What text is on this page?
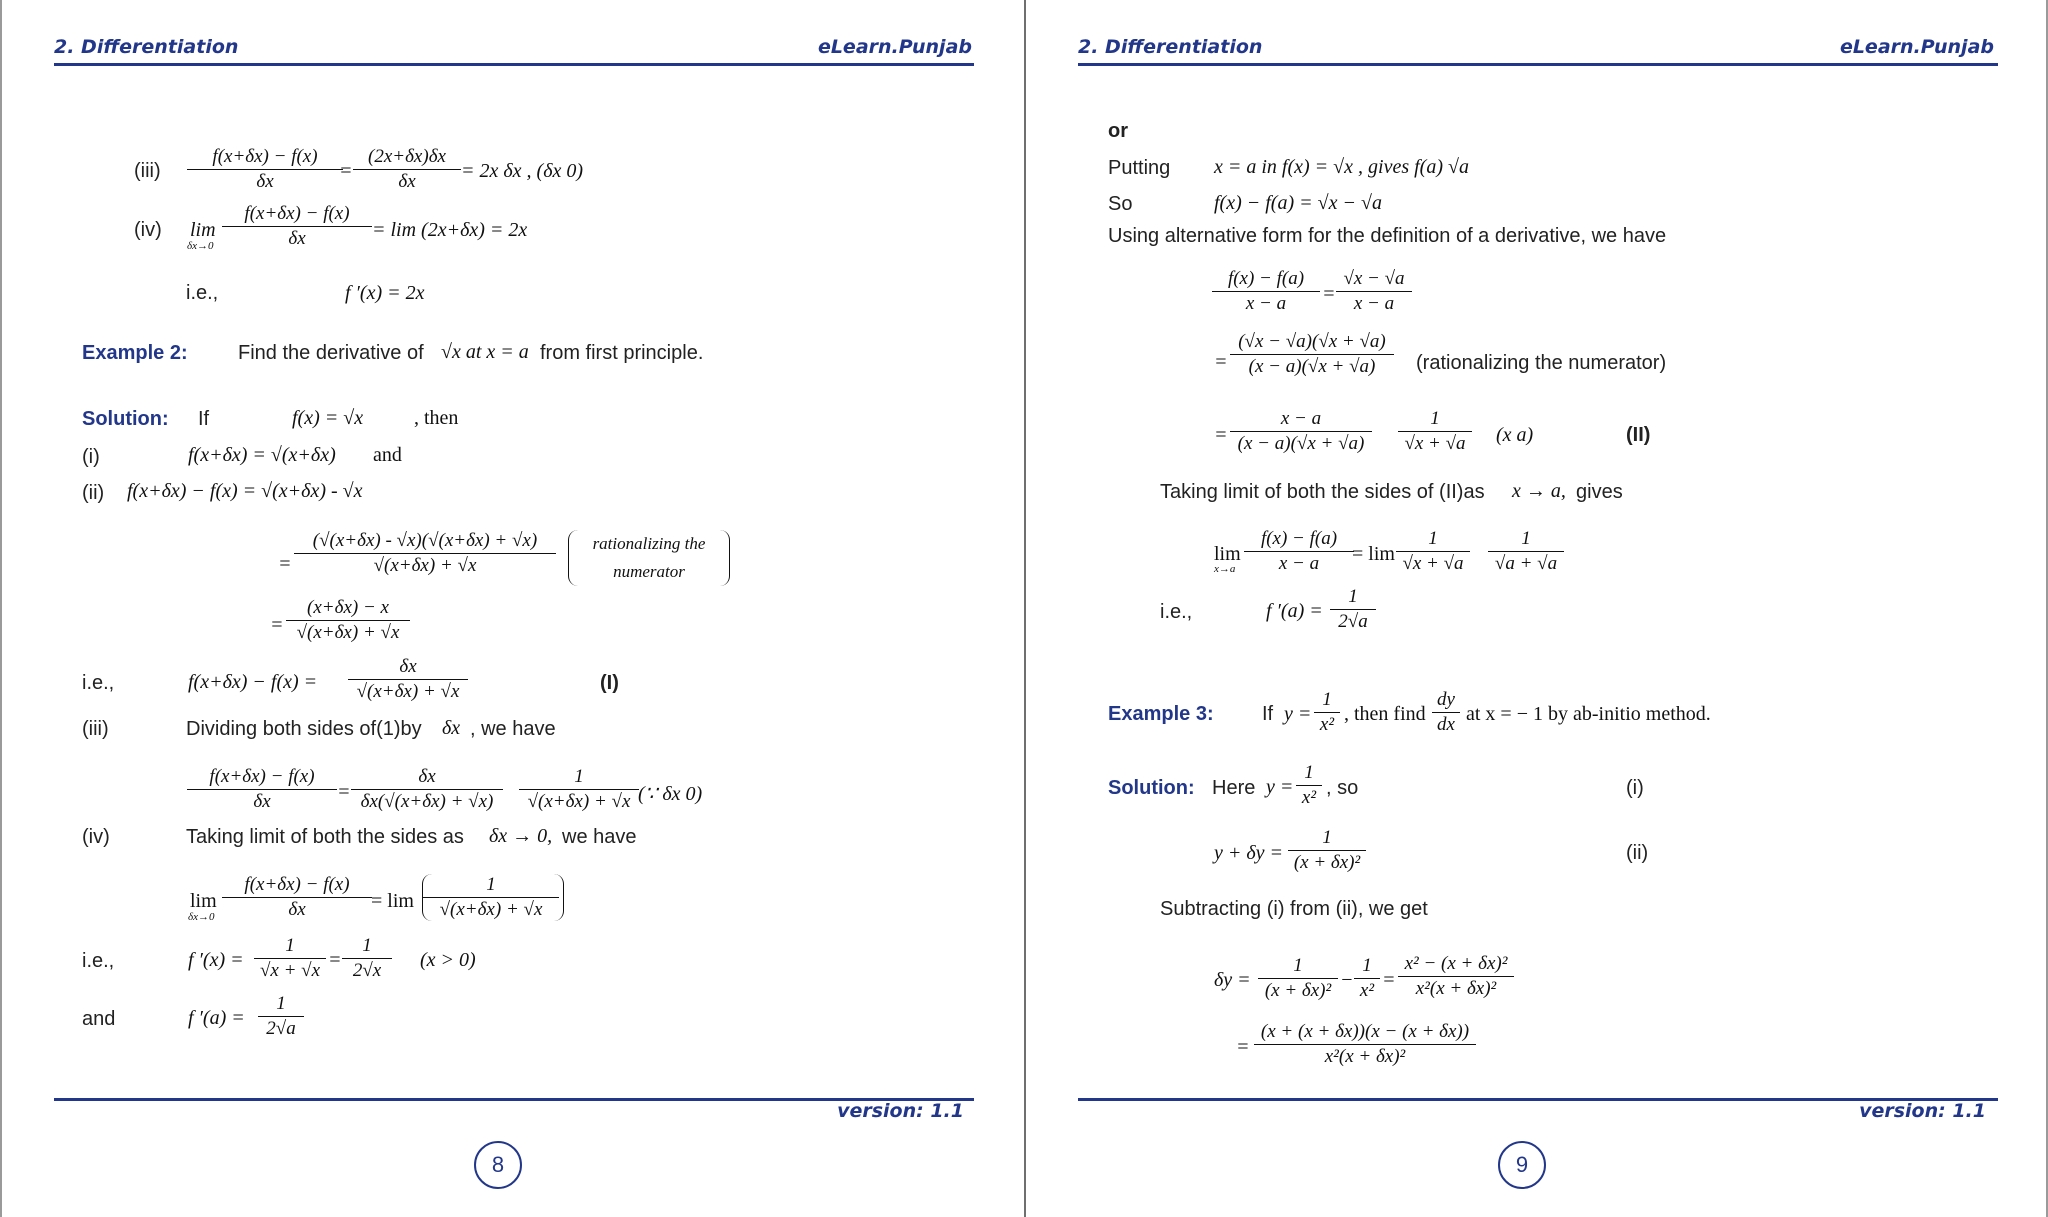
2. Differentiation	eLearn.Punjab
$(iii) \frac{f(x+\delta x) - f(x)}{\delta x}$
= $\frac{(2x+\delta x)\delta x}{\delta x} = 2x$ δx , (δx 0)
(iv) lim
$\delta x\to 0 \frac{f(x+\delta x) - f(x)}{\delta x} = \lim (2x+\delta x) = 2x$
i.e.,	f ′(x) = 2x
Example 2:	Find the derivative of √x at x = a from first principle.
Solution: If	f(x) = √x	, then
(i)	f(x+δx) = √(x+δx) and
(ii) f(x+δx) − f(x) = √(x+δx) - √x
= $\frac{(√(x+\delta x) - √x)(√(x+\delta x) + √x)}{√(x+\delta x) + √x}$	rationalizing the
numerator
= $\frac{(x+\delta x) - x}{√(x+\delta x) + √x}$
i.e.,	$f(x+\delta x) - f(x) = \frac{\delta x}{√(x+\delta x) + √x}$	(I)
(iii)	Dividing both sides of(1)by δx , we have
$\frac{f(x+\delta x) - f(x)}{\delta x} = \frac{\delta x}{\delta x(√(x+\delta x) + √x)} \frac{1}{√(x+\delta x) + √x}$ (∵ δx 0)
(iv)	Taking limit of both the sides as δx → 0, we have
lim
$\delta x\to 0 \frac{f(x+\delta x) - f(x)}{\delta x} = \lim$
1
√(x+δx) + √x
i.e.,	f $'(x) = \frac{1}{√x + √x} = \frac{1}{2√x} (x > 0)$
and	f $'(a) = \frac{1}{2√a}$
version: 1.1
8
2. Differentiation	eLearn.Punjab
or
Putting x = a in f(x) = √x , gives f(a) √a
So	f(x) − f(a) = √x − √a
Using alternative form for the definition of a derivative, we have
$\frac{f(x) - f(a)}{x - a} = \frac{√x - √a}{x - a}$
= $\frac{(√x - √a)(√x + √a)}{(x - a)(√x + √a)}$ (rationalizing the numerator)
= $\frac{x - a}{(x - a)(√x + √a)} \frac{1}{√x + √a} (x$ a)	(II)
Taking limit of both the sides of (II)as x → a, gives
lim
$x\to a \frac{f(x) - f(a)}{x - a}$
= $\lim \frac{1}{√x + √a} \frac{1}{√a + √a}$
i.e.,	f $'(a) = \frac{1}{2√a}$
Example 3: If $y = \frac{1}{\text{x²}}$ , then find $\frac{dy}{dx}$ at x = − 1 by ab-initio method.
Solution: Here $y = \frac{1}{\text{x²}}$ , so	(i)
$y + \delta y = \frac{1}{\text{(x + δx)²}}$	(ii)
Subtracting (i) from (ii), we get
$\delta y = \frac{1}{\text{(x + δx)²}} - \frac{1}{\text{x²}} = \frac{\text{x² − (x + δx)²}}{\text{x²(x + δx)²}}$
= $\frac{(x + (x + \delta x))(x - (x + \delta x))}{\text{x²(x + δx)²}}$
version: 1.1
9
